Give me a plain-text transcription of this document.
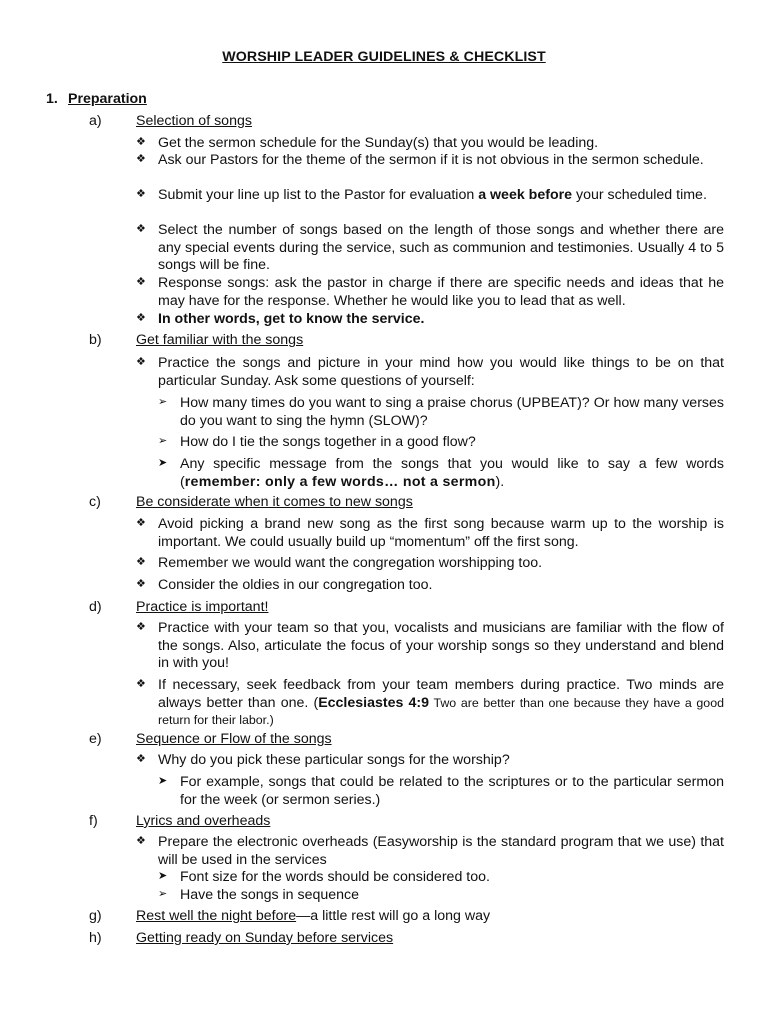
WORSHIP LEADER GUIDELINES & CHECKLIST
1. Preparation
a)	Selection of songs
❖ Get the sermon schedule for the Sunday(s) that you would be leading.
❖ Ask our Pastors for the theme of the sermon if it is not obvious in the sermon schedule.
❖ Submit your line up list to the Pastor for evaluation a week before your scheduled time.
❖ Select the number of songs based on the length of those songs and whether there are any special events during the service, such as communion and testimonies. Usually 4 to 5 songs will be fine.
❖ Response songs: ask the pastor in charge if there are specific needs and ideas that he may have for the response. Whether he would like you to lead that as well.
❖ In other words, get to know the service.
b)	Get familiar with the songs
❖ Practice the songs and picture in your mind how you would like things to be on that particular Sunday. Ask some questions of yourself:
➢ How many times do you want to sing a praise chorus (UPBEAT)? Or how many verses do you want to sing the hymn (SLOW)?
➢ How do I tie the songs together in a good flow?
➤ Any specific message from the songs that you would like to say a few words (remember: only a few words… not a sermon).
c)	Be considerate when it comes to new songs
❖ Avoid picking a brand new song as the first song because warm up to the worship is important. We could usually build up “momentum” off the first song.
❖ Remember we would want the congregation worshipping too.
❖ Consider the oldies in our congregation too.
d)	Practice is important!
❖ Practice with your team so that you, vocalists and musicians are familiar with the flow of the songs. Also, articulate the focus of your worship songs so they understand and blend in with you!
❖ If necessary, seek feedback from your team members during practice. Two minds are always better than one. (Ecclesiastes 4:9 Two are better than one because they have a good return for their labor.)
e)	Sequence or Flow of the songs
❖ Why do you pick these particular songs for the worship?
➤ For example, songs that could be related to the scriptures or to the particular sermon for the week (or sermon series.)
f)	Lyrics and overheads
❖ Prepare the electronic overheads (Easyworship is the standard program that we use) that will be used in the services
➤ Font size for the words should be considered too.
➢ Have the songs in sequence
g)	Rest well the night before—a little rest will go a long way
h)	Getting ready on Sunday before services
